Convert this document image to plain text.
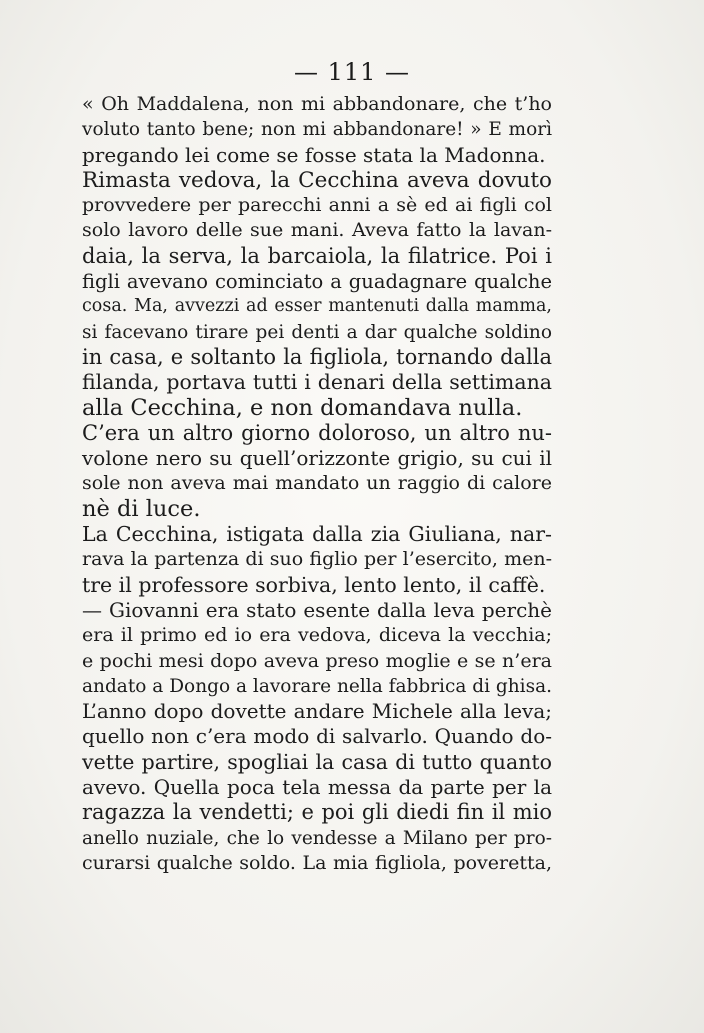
— 111 —
« Oh Maddalena, non mi abbandonare, che t’ho
voluto tanto bene; non mi abbandonare! » E morì
pregando lei come se fosse stata la Madonna.
Rimasta vedova, la Cecchina aveva dovuto
provvedere per parecchi anni a sè ed ai figli col
solo lavoro delle sue mani. Aveva fatto la lavan-
daia, la serva, la barcaiola, la filatrice. Poi i
figli avevano cominciato a guadagnare qualche
cosa. Ma, avvezzi ad esser mantenuti dalla mamma,
si facevano tirare pei denti a dar qualche soldino
in casa, e soltanto la figliola, tornando dalla
filanda, portava tutti i denari della settimana
alla Cecchina, e non domandava nulla.
C’era un altro giorno doloroso, un altro nu-
volone nero su quell’orizzonte grigio, su cui il
sole non aveva mai mandato un raggio di calore
nè di luce.
La Cecchina, istigata dalla zia Giuliana, nar-
rava la partenza di suo figlio per l’esercito, men-
tre il professore sorbiva, lento lento, il caffè.
— Giovanni era stato esente dalla leva perchè
era il primo ed io era vedova, diceva la vecchia;
e pochi mesi dopo aveva preso moglie e se n’era
andato a Dongo a lavorare nella fabbrica di ghisa.
L’anno dopo dovette andare Michele alla leva;
quello non c’era modo di salvarlo. Quando do-
vette partire, spogliai la casa di tutto quanto
avevo. Quella poca tela messa da parte per la
ragazza la vendetti; e poi gli diedi fin il mio
anello nuziale, che lo vendesse a Milano per pro-
curarsi qualche soldo. La mia figliola, poveretta,
